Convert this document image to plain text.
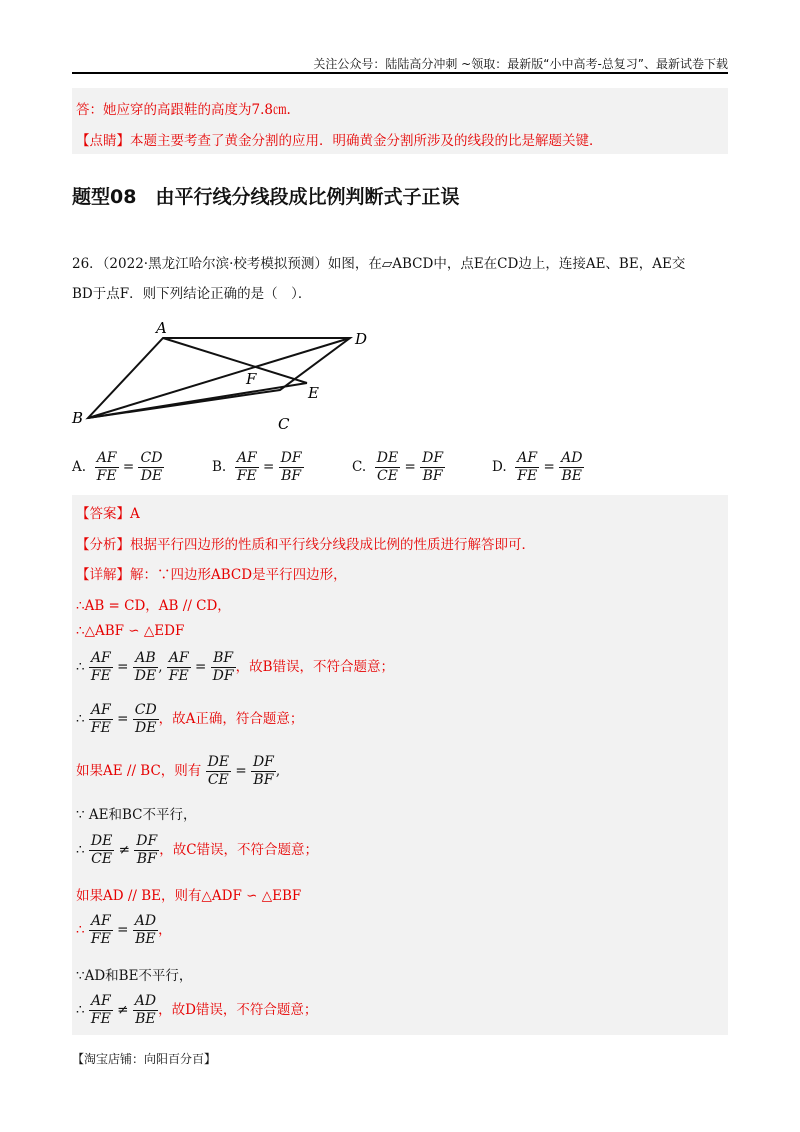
关注公众号：陆陆高分冲刺 ~领取：最新版“小中高考-总复习”、最新试卷下载
答：她应穿的高跟鞋的高度为7.8㎝.
【点睛】本题主要考查了黄金分割的应用．明确黄金分割所涉及的线段的比是解题关键．
题型08　由平行线分线段成比例判断式子正误
26．（2022·黑龙江哈尔滨·校考模拟预测）如图，在▱ABCD中，点E在CD边上，连接AE、BE，AE交
BD于点F．则下列结论正确的是（　）．
A
B	C
D
E
F
A. $\frac{AF}{FE} = \frac{CD}{DE}$	B. $\frac{AF}{FE} = \frac{DF}{BF}$	C. $\frac{DE}{CE} = \frac{DF}{BF}$	D. $\frac{AF}{FE} = \frac{AD}{BE}$
【答案】A
【分析】根据平行四边形的性质和平行线分线段成比例的性质进行解答即可．
【详解】解：∵四边形ABCD是平行四边形，
∴AB = CD，AB // CD，
∴△ABF ∽ △EDF
∴ $\frac{AF}{FE} = \frac{AB}{DE}$ , $\frac{AF}{FE} = \frac{BF}{DF}$ ，故B错误，不符合题意；
∴ $\frac{AF}{FE} = \frac{CD}{DE}$ ，故A正确，符合题意；
如果AE // BC，则有 $\frac{DE}{CE} = \frac{DF}{BF}$ ,
∵ AE和BC不平行，
∴ $\frac{DE}{CE} \ne \frac{DF}{BF}$ ，故C错误，不符合题意；
如果AD // BE，则有△ADF ∽ △EBF
∴ $\frac{AF}{FE} = \frac{AD}{BE}$ ，
∵AD和BE不平行，
∴ $\frac{AF}{FE} \ne \frac{AD}{BE}$ ，故D错误，不符合题意；
【淘宝店铺：向阳百分百】
